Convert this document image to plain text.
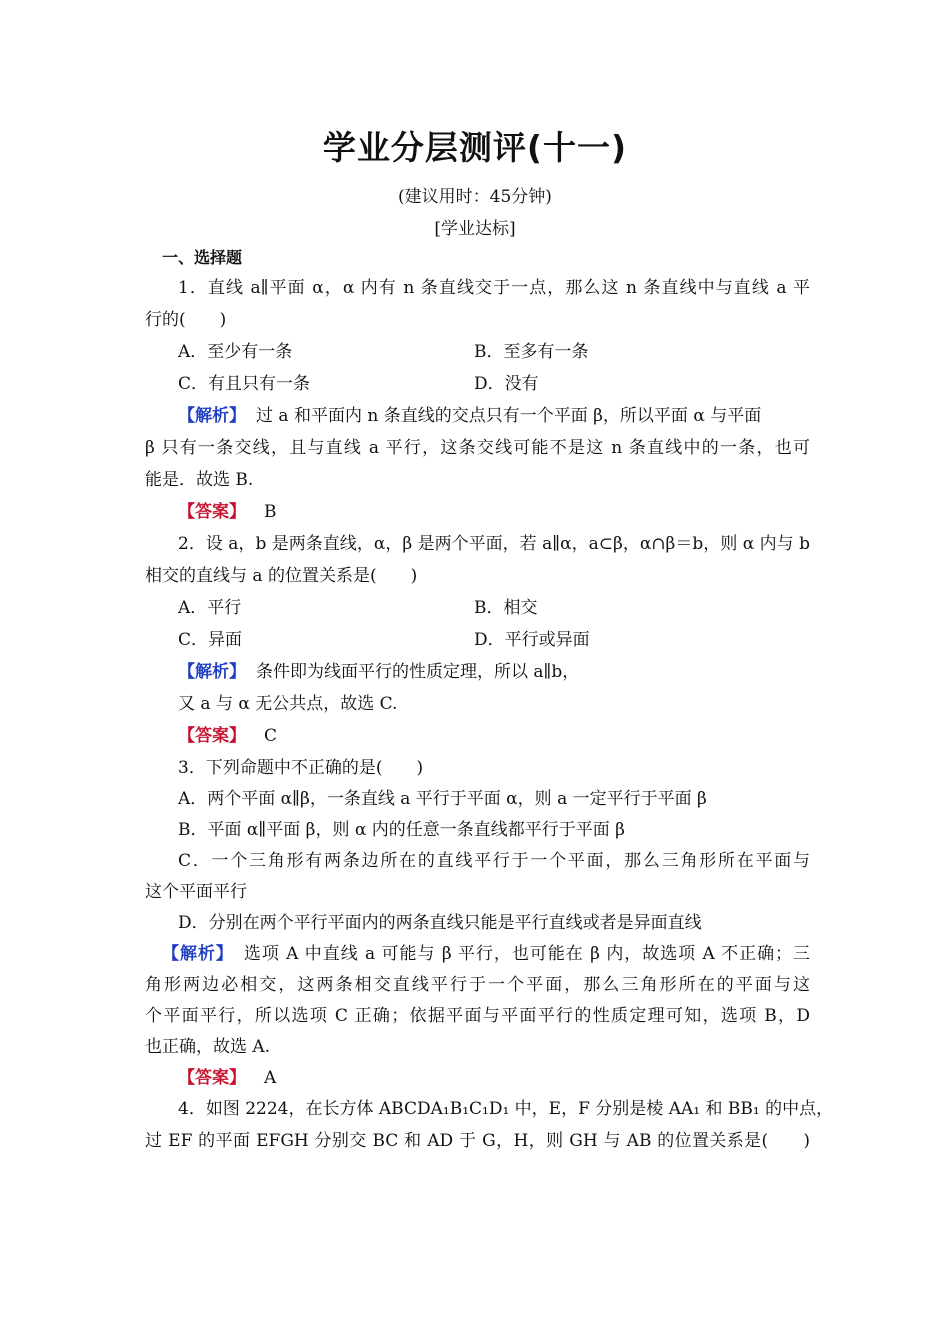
学业分层测评(十一)
(建议用时：45分钟)
[学业达标]
一、选择题
1．直线 a∥平面 α，α 内有 n 条直线交于一点，那么这 n 条直线中与直线 a 平
行的(　　)
A．至少有一条	B．至多有一条
C．有且只有一条	D．没有
【解析】 过 a 和平面内 n 条直线的交点只有一个平面 β，所以平面 α 与平面
β 只有一条交线，且与直线 a 平行，这条交线可能不是这 n 条直线中的一条，也可
能是．故选 B.
【答案】 B
2．设 a，b 是两条直线，α，β 是两个平面，若 a∥α，a⊂β，α∩β＝b，则 α 内与 b
相交的直线与 a 的位置关系是(　　)
A．平行	B．相交
C．异面	D．平行或异面
【解析】 条件即为线面平行的性质定理，所以 a∥b，
又 a 与 α 无公共点，故选 C.
【答案】 C
3．下列命题中不正确的是(　　)
A．两个平面 α∥β，一条直线 a 平行于平面 α，则 a 一定平行于平面 β
B．平面 α∥平面 β，则 α 内的任意一条直线都平行于平面 β
C．一个三角形有两条边所在的直线平行于一个平面，那么三角形所在平面与
这个平面平行
D．分别在两个平行平面内的两条直线只能是平行直线或者是异面直线
【解析】 选项 A 中直线 a 可能与 β 平行，也可能在 β 内，故选项 A 不正确；三
角形两边必相交，这两条相交直线平行于一个平面，那么三角形所在的平面与这
个平面平行，所以选项 C 正确；依据平面与平面平行的性质定理可知，选项 B，D
也正确，故选 A.
【答案】 A
4．如图 2224，在长方体 ABCDA₁B₁C₁D₁ 中，E，F 分别是棱 AA₁ 和 BB₁ 的中点，
过 EF 的平面 EFGH 分别交 BC 和 AD 于 G，H，则 GH 与 AB 的位置关系是(　　)
